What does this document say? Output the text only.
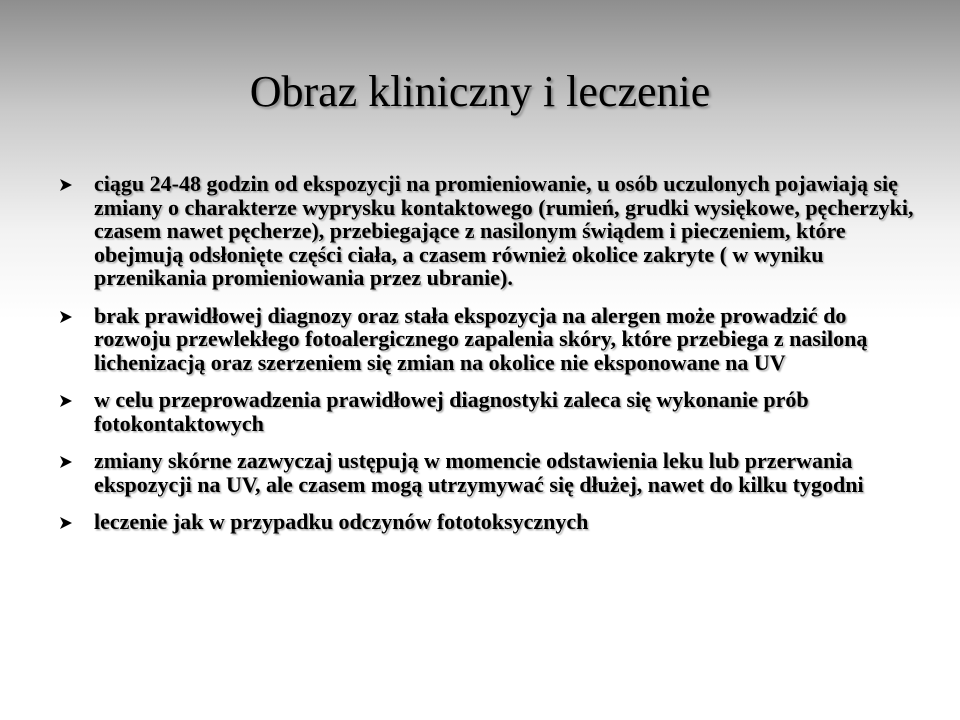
Obraz kliniczny i leczenie
ciągu 24-48 godzin od ekspozycji na promieniowanie, u osób uczulonych pojawiają się zmiany o charakterze wyprysku kontaktowego (rumień, grudki wysiękowe, pęcherzyki, czasem nawet pęcherze), przebiegające z nasilonym świądem i pieczeniem, które obejmują odsłonięte części ciała, a czasem również okolice zakryte ( w wyniku przenikania promieniowania przez ubranie).
brak prawidłowej diagnozy oraz stała ekspozycja na alergen może prowadzić do rozwoju przewlekłego fotoalergicznego zapalenia skóry, które przebiega z nasiloną lichenizacją oraz szerzeniem się zmian na okolice nie eksponowane na UV
w celu przeprowadzenia prawidłowej diagnostyki zaleca się wykonanie prób fotokontaktowych
zmiany skórne zazwyczaj ustępują w momencie odstawienia leku lub przerwania ekspozycji na UV, ale czasem mogą utrzymywać się dłużej, nawet do kilku tygodni
leczenie jak w przypadku odczynów fototoksycznych
